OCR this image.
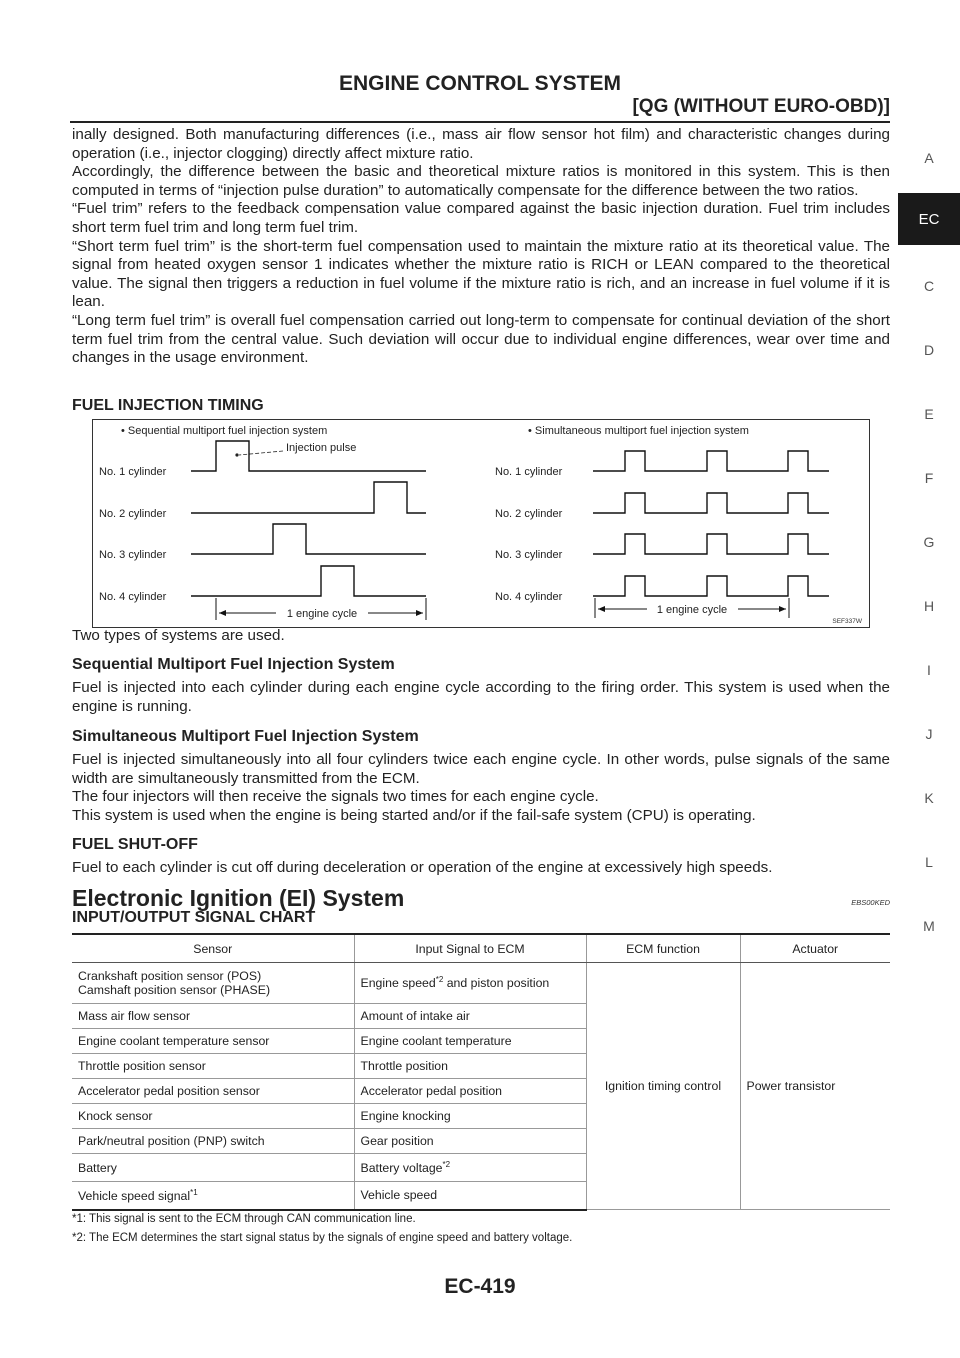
ENGINE CONTROL SYSTEM
[QG (WITHOUT EURO-OBD)]
A
EC
C
D
E
F
G
H
I
J
K
L
M

inally designed. Both manufacturing differences (i.e., mass air flow sensor hot film) and characteristic changes during operation (i.e., injector clogging) directly affect mixture ratio.

Accordingly, the difference between the basic and theoretical mixture ratios is monitored in this system. This is then computed in terms of “injection pulse duration” to automatically compensate for the difference between the two ratios.

“Fuel trim” refers to the feedback compensation value compared against the basic injection duration. Fuel trim includes short term fuel trim and long term fuel trim.

“Short term fuel trim” is the short-term fuel compensation used to maintain the mixture ratio at its theoretical value. The signal from heated oxygen sensor 1 indicates whether the mixture ratio is RICH or LEAN compared to the theoretical value. The signal then triggers a reduction in fuel volume if the mixture ratio is rich, and an increase in fuel volume if it is lean.

“Long term fuel trim” is overall fuel compensation carried out long-term to compensate for continual deviation of the short term fuel trim from the central value. Such deviation will occur due to individual engine differences, wear over time and changes in the usage environment.

FUEL INJECTION TIMING
• Sequential multiport fuel injection system	• Simultaneous multiport fuel injection system
Injection pulse
No. 1 cylinder
No. 2 cylinder
No. 3 cylinder
No. 4 cylinder
1 engine cycle
No. 1 cylinder
No. 2 cylinder
No. 3 cylinder
No. 4 cylinder
1 engine cycle
SEF337W

Two types of systems are used.

Sequential Multiport Fuel Injection System

Fuel is injected into each cylinder during each engine cycle according to the firing order. This system is used when the engine is running.

Simultaneous Multiport Fuel Injection System

Fuel is injected simultaneously into all four cylinders twice each engine cycle. In other words, pulse signals of the same width are simultaneously transmitted from the ECM.

The four injectors will then receive the signals two times for each engine cycle.

This system is used when the engine is being started and/or if the fail-safe system (CPU) is operating.

FUEL SHUT-OFF

Fuel to each cylinder is cut off during deceleration or operation of the engine at excessively high speeds.

Electronic Ignition (EI) System	EBS00KED
INPUT/OUTPUT SIGNAL CHART
Sensor	Input Signal to ECM	ECM function	Actuator

Crankshaft position sensor (POS)
Camshaft position sensor (PHASE)	Engine speed$^{*2}$ and piston position	Ignition timing control	Power transistor
Mass air flow sensor	Amount of intake air		
Engine coolant temperature sensor	Engine coolant temperature		
Throttle position sensor	Throttle position		
Accelerator pedal position sensor	Accelerator pedal position		
Knock sensor	Engine knocking		
Park/neutral position (PNP) switch	Gear position		
Battery	Battery voltage$^{*2}$
Vehicle speed signal$^{*1}$	Vehicle speed		
*1: This signal is sent to the ECM through CAN communication line.
*2: The ECM determines the start signal status by the signals of engine speed and battery voltage.
EC-419
